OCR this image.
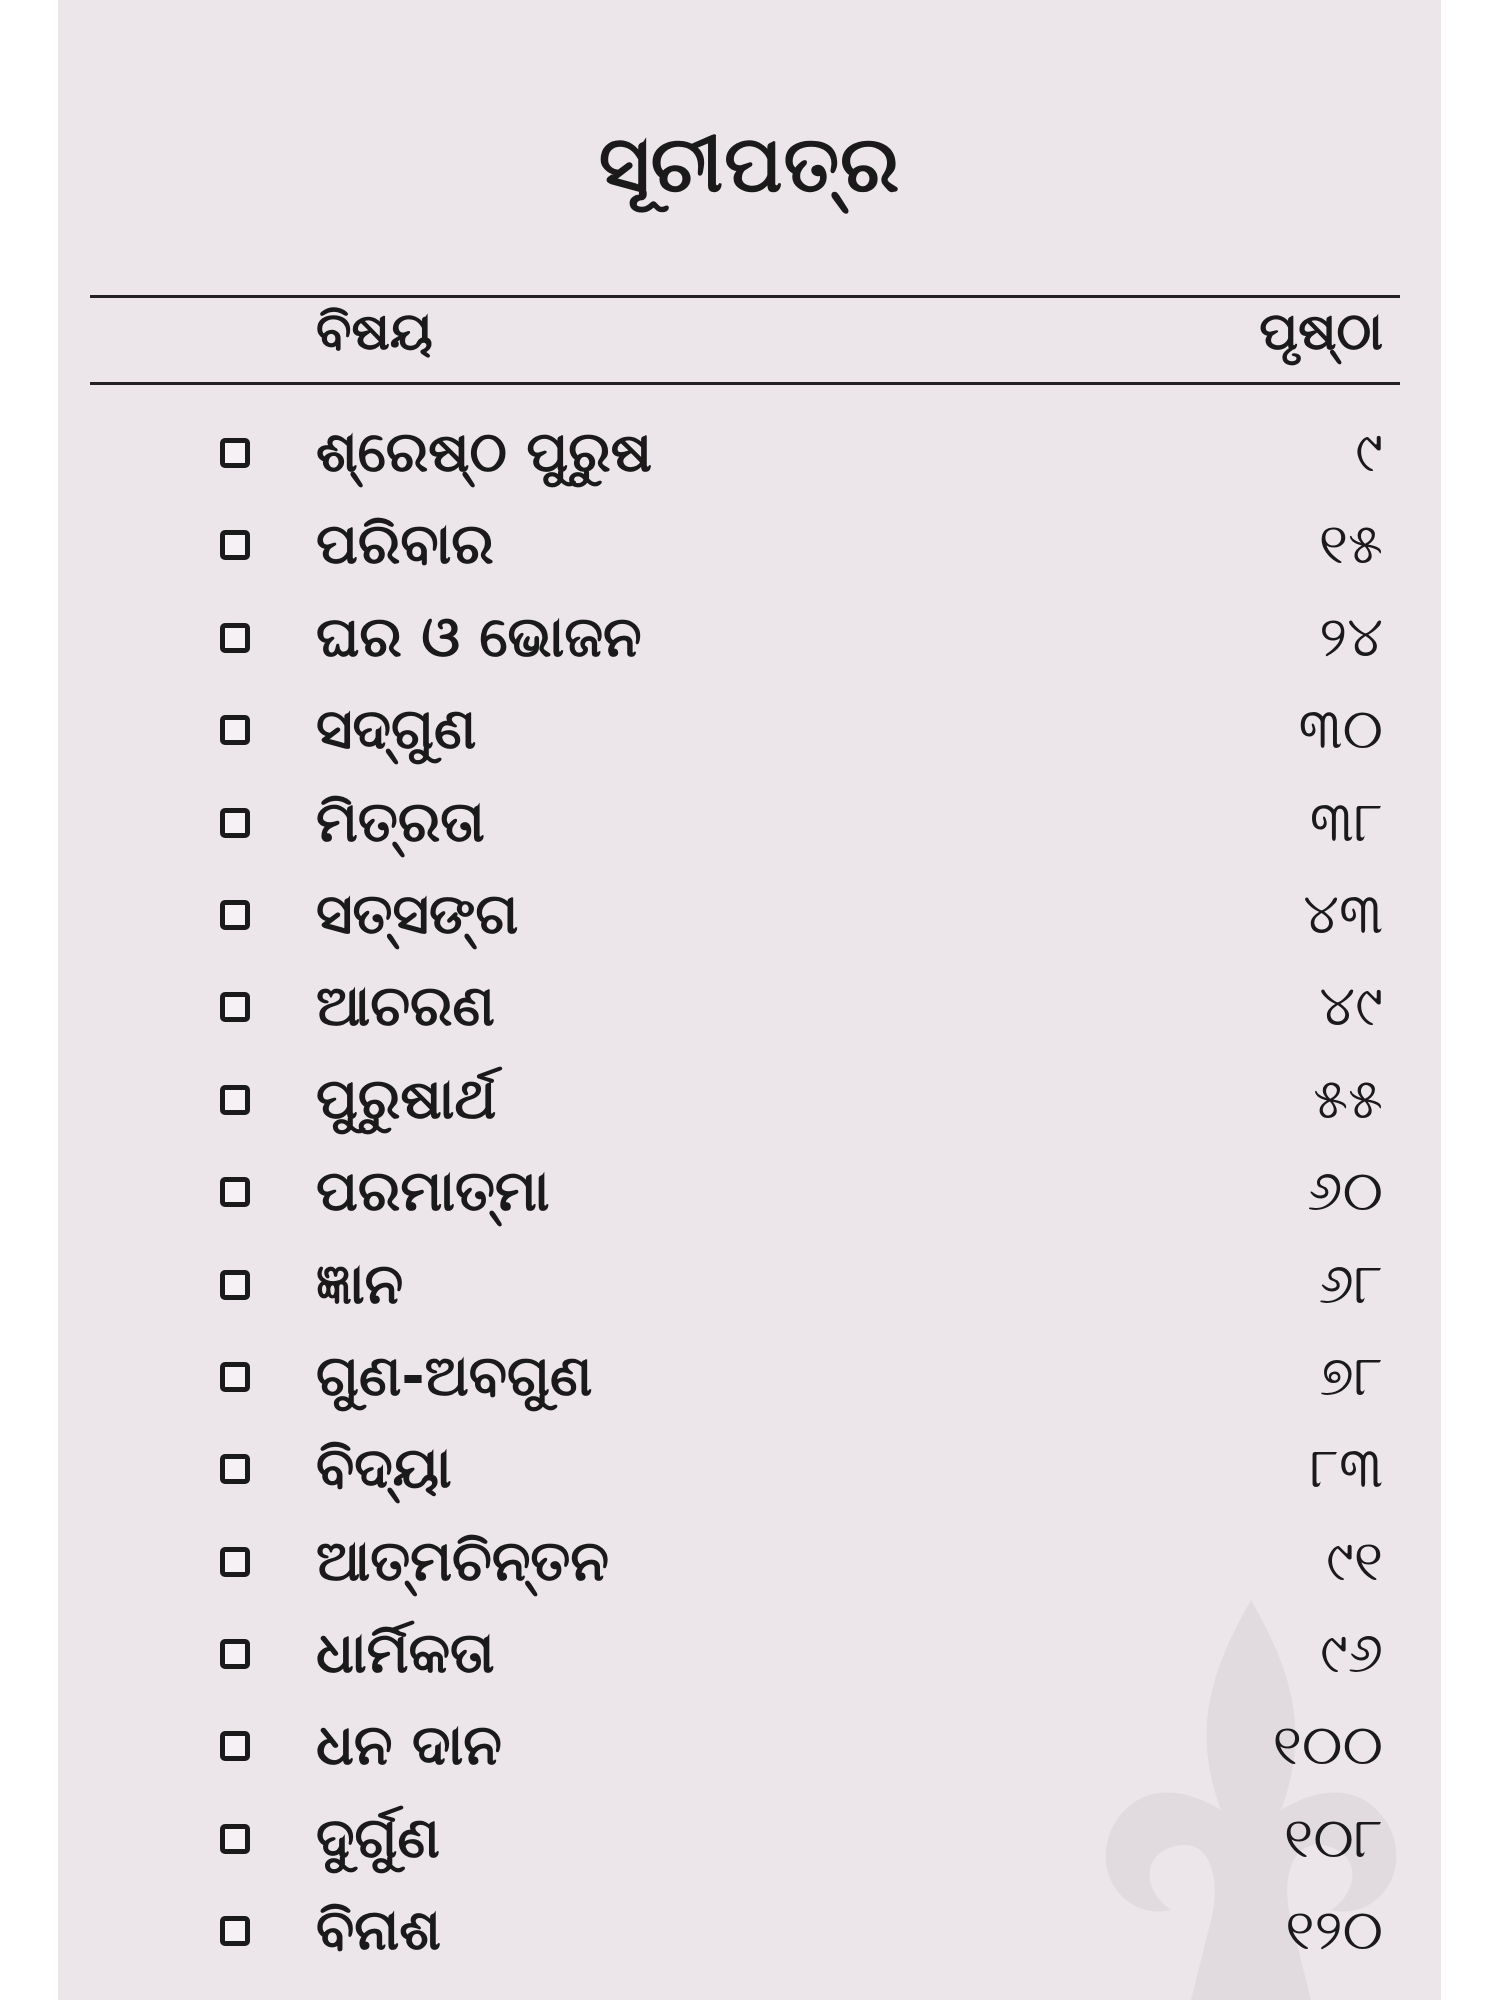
ସୂଚୀପତ୍ର
ବିଷୟ	ପୃଷ୍ଠା
ଶ୍ରେଷ୍ଠ ପୁରୁଷ	୯
ପରିବାର	୧୫
ଘର ଓ ଭୋଜନ	୨୪
ସଦ୍‌ଗୁଣ	୩୦
ମିତ୍ରତା	୩୮
ସତ୍‌ସଙ୍ଗ	୪୩
ଆଚରଣ	୪୯
ପୁରୁଷାର୍ଥ	୫୫
ପରମାତ୍ମା	୬୦
ଜ୍ଞାନ	୬୮
ଗୁଣ-ଅବଗୁଣ	୭୮
ବିଦ୍ୟା	୮୩
ଆତ୍ମଚିନ୍ତନ	୯୧
ଧାର୍ମିକତା	୯୬
ଧନ ଦାନ	୧୦୦
ଦୁର୍ଗୁଣ	୧୦୮
ବିନାଶ	୧୨୦
